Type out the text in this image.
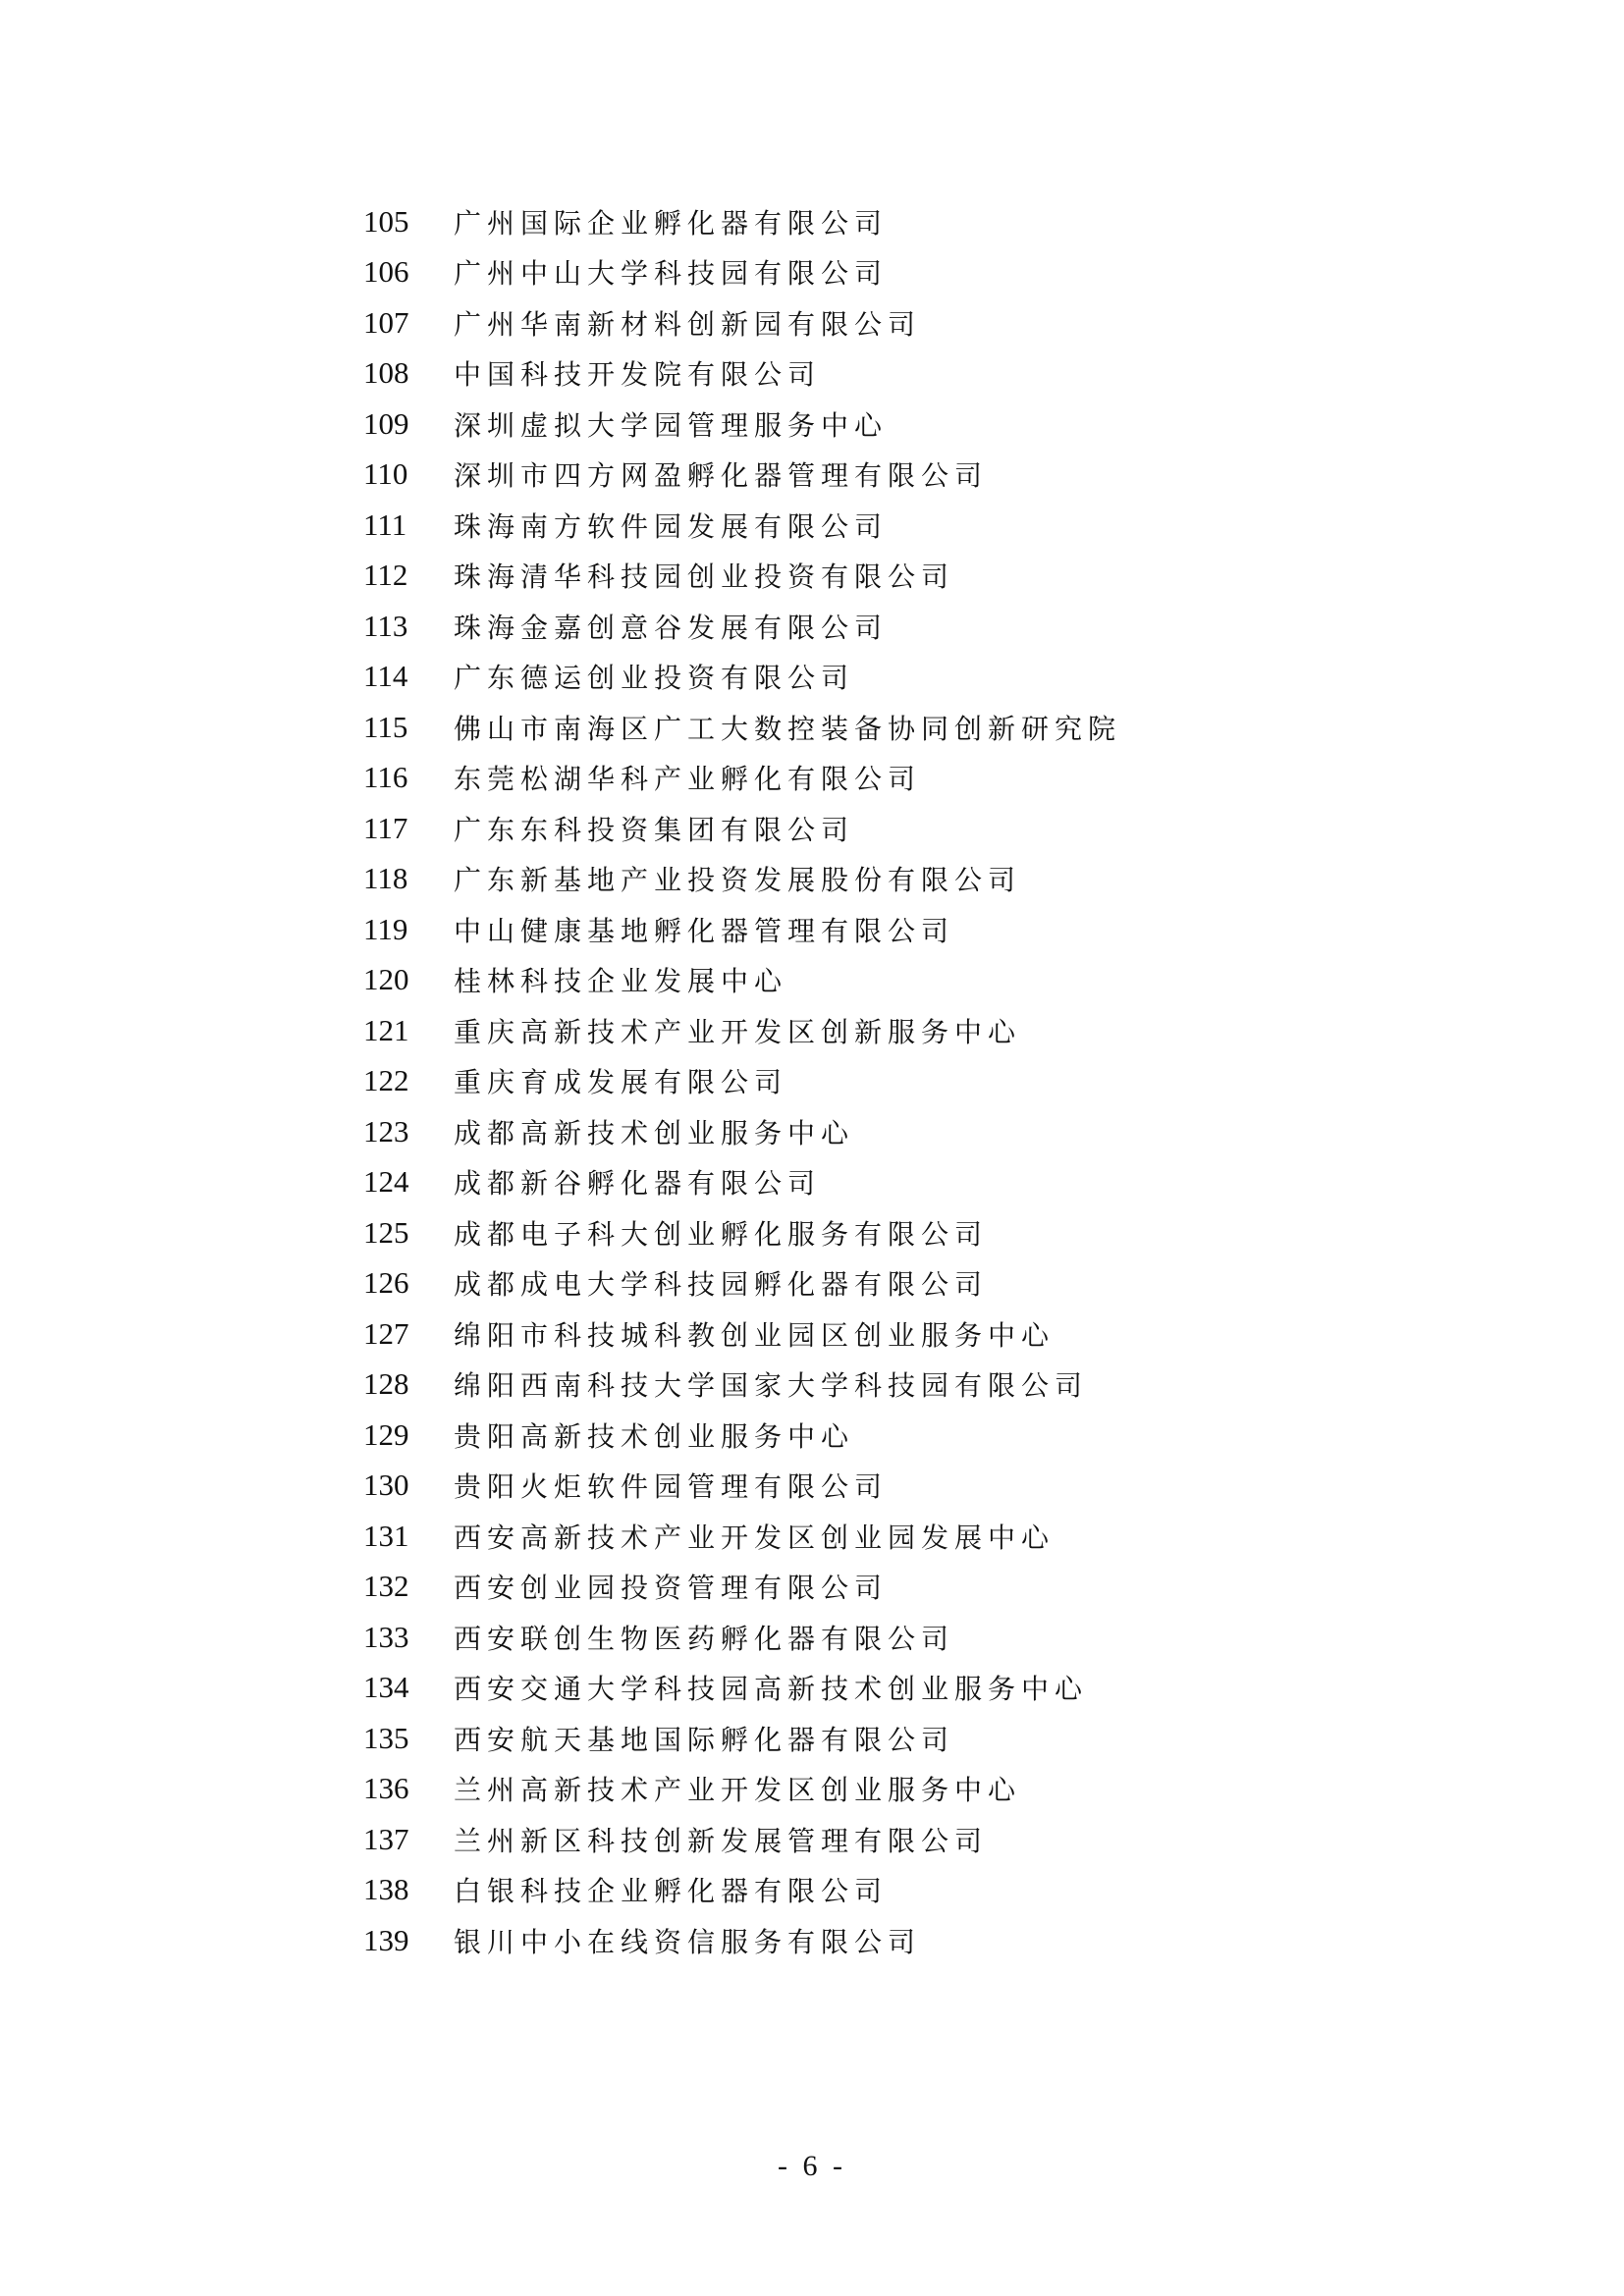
105	广州国际企业孵化器有限公司
106	广州中山大学科技园有限公司
107	广州华南新材料创新园有限公司
108	中国科技开发院有限公司
109	深圳虚拟大学园管理服务中心
110	深圳市四方网盈孵化器管理有限公司
111	珠海南方软件园发展有限公司
112	珠海清华科技园创业投资有限公司
113	珠海金嘉创意谷发展有限公司
114	广东德运创业投资有限公司
115	佛山市南海区广工大数控装备协同创新研究院
116	东莞松湖华科产业孵化有限公司
117	广东东科投资集团有限公司
118	广东新基地产业投资发展股份有限公司
119	中山健康基地孵化器管理有限公司
120	桂林科技企业发展中心
121	重庆高新技术产业开发区创新服务中心
122	重庆育成发展有限公司
123	成都高新技术创业服务中心
124	成都新谷孵化器有限公司
125	成都电子科大创业孵化服务有限公司
126	成都成电大学科技园孵化器有限公司
127	绵阳市科技城科教创业园区创业服务中心
128	绵阳西南科技大学国家大学科技园有限公司
129	贵阳高新技术创业服务中心
130	贵阳火炬软件园管理有限公司
131	西安高新技术产业开发区创业园发展中心
132	西安创业园投资管理有限公司
133	西安联创生物医药孵化器有限公司
134	西安交通大学科技园高新技术创业服务中心
135	西安航天基地国际孵化器有限公司
136	兰州高新技术产业开发区创业服务中心
137	兰州新区科技创新发展管理有限公司
138	白银科技企业孵化器有限公司
139	银川中小在线资信服务有限公司
- 6 -
